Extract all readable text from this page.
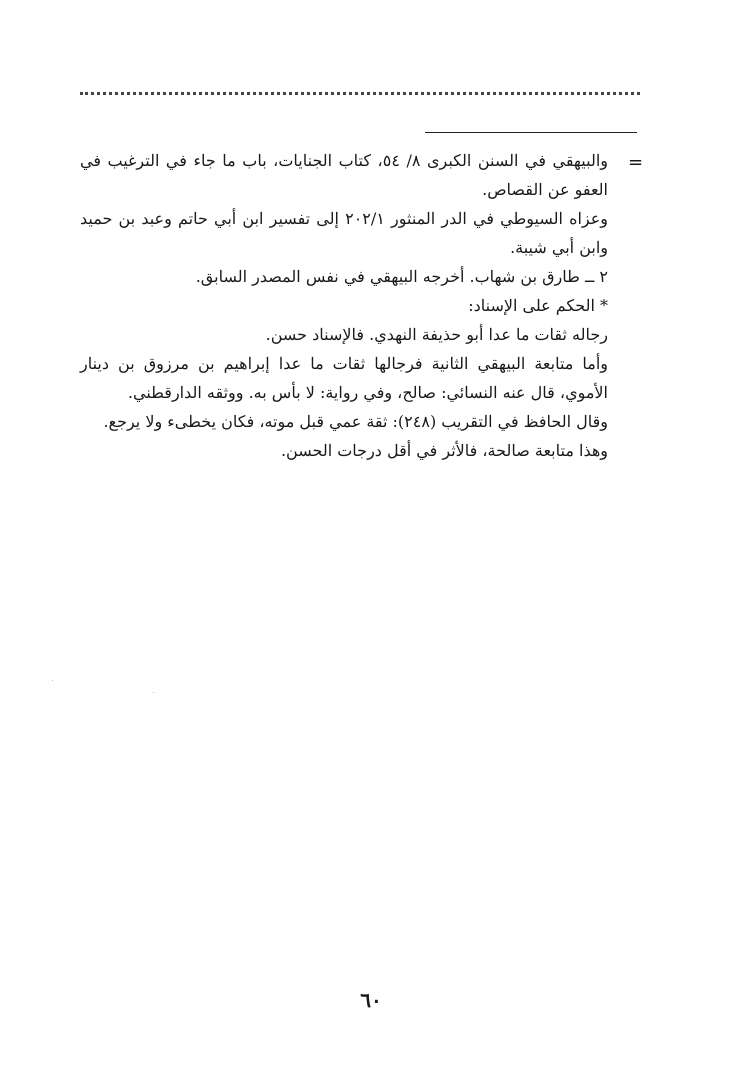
=

والبيهقي في السنن الكبرى ٨/ ٥٤، كتاب الجنايات، باب ما جاء في الترغيب في العفو عن القصاص.

وعزاه السيوطي في الدر المنثور ٢٠٢/١ إلى تفسير ابن أبي حاتم وعبد بن حميد وابن أبي شيبة.

٢ ــ طارق بن شهاب. أخرجه البيهقي في نفس المصدر السابق.

* الحكم على الإسناد:

رجاله ثقات ما عدا أبو حذيفة النهدي. فالإسناد حسن.

وأما متابعة البيهقي الثانية فرجالها ثقات ما عدا إبراهيم بن مرزوق بن دينار الأموي، قال عنه النسائي: صالح، وفي رواية: لا بأس به. ووثقه الدارقطني.

وقال الحافظ في التقريب (٢٤٨): ثقة عمي قبل موته، فكان يخطىء ولا يرجع.

وهذا متابعة صالحة، فالأثر في أقل درجات الحسن.

٦٠
